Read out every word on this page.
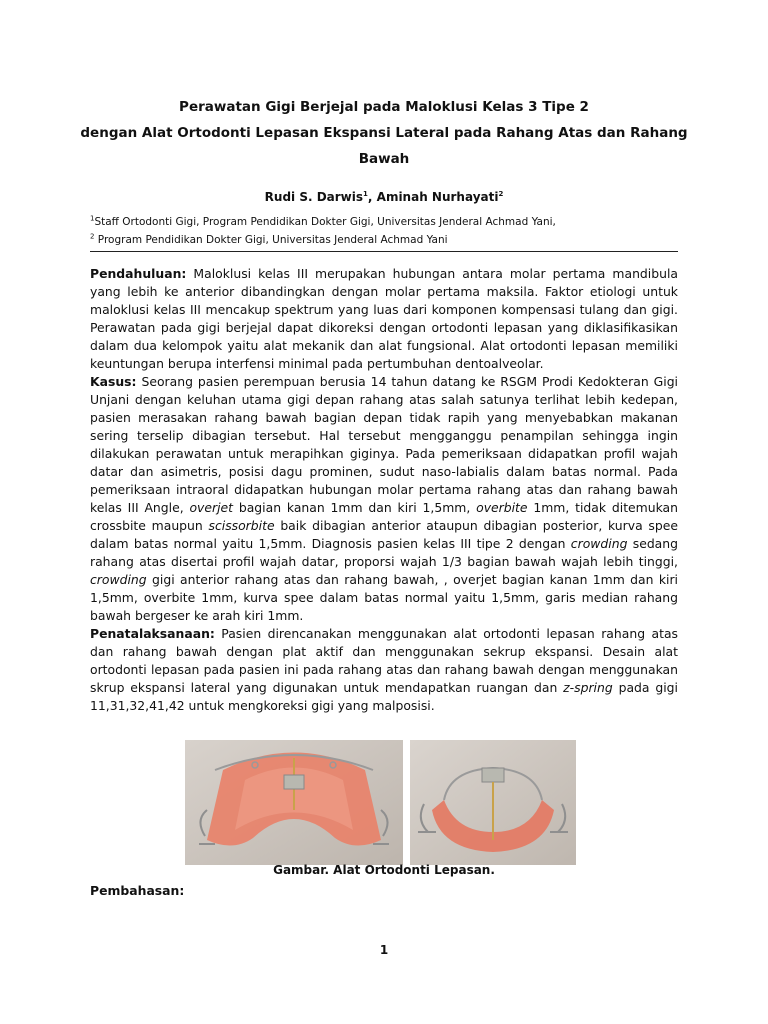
Perawatan Gigi Berjejal pada Maloklusi Kelas 3 Tipe 2
dengan Alat Ortodonti Lepasan Ekspansi Lateral pada Rahang Atas dan Rahang
Bawah
Rudi S. Darwis$^1$, Aminah Nurhayati$^2$
$^1$Staff Ortodonti Gigi, Program Pendidikan Dokter Gigi, Universitas Jenderal Achmad Yani,
$^2$ Program Pendidikan Dokter Gigi, Universitas Jenderal Achmad Yani

Pendahuluan: Maloklusi kelas III merupakan hubungan antara molar pertama mandibula yang lebih ke anterior dibandingkan dengan molar pertama maksila. Faktor etiologi untuk maloklusi kelas III mencakup spektrum yang luas dari komponen kompensasi tulang dan gigi. Perawatan pada gigi berjejal dapat dikoreksi dengan ortodonti lepasan yang diklasifikasikan dalam dua kelompok yaitu alat mekanik dan alat fungsional. Alat ortodonti lepasan memiliki keuntungan berupa interfensi minimal pada pertumbuhan dentoalveolar.

Kasus: Seorang pasien perempuan berusia 14 tahun datang ke RSGM Prodi Kedokteran Gigi Unjani dengan keluhan utama gigi depan rahang atas salah satunya terlihat lebih kedepan, pasien merasakan rahang bawah bagian depan tidak rapih yang menyebabkan makanan sering terselip dibagian tersebut. Hal tersebut mengganggu penampilan sehingga ingin dilakukan perawatan untuk merapihkan giginya. Pada pemeriksaan didapatkan profil wajah datar dan asimetris, posisi dagu prominen, sudut naso-labialis dalam batas normal. Pada pemeriksaan intraoral didapatkan hubungan molar pertama rahang atas dan rahang bawah kelas III Angle, overjet bagian kanan 1mm dan kiri 1,5mm, overbite 1mm, tidak ditemukan crossbite maupun scissorbite baik dibagian anterior ataupun dibagian posterior, kurva spee dalam batas normal yaitu 1,5mm. Diagnosis pasien kelas III tipe 2 dengan crowding sedang rahang atas disertai profil wajah datar, proporsi wajah 1/3 bagian bawah wajah lebih tinggi, crowding gigi anterior rahang atas dan rahang bawah, , overjet bagian kanan 1mm dan kiri 1,5mm, overbite 1mm, kurva spee dalam batas normal yaitu 1,5mm, garis median rahang bawah bergeser ke arah kiri 1mm.

Penatalaksanaan: Pasien direncanakan menggunakan alat ortodonti lepasan rahang atas dan rahang bawah dengan plat aktif dan menggunakan sekrup ekspansi. Desain alat ortodonti lepasan pada pasien ini pada rahang atas dan rahang bawah dengan menggunakan skrup ekspansi lateral yang digunakan untuk mendapatkan ruangan dan z-spring pada gigi 11,31,32,41,42 untuk mengkoreksi gigi yang malposisi.

Gambar. Alat Ortodonti Lepasan.
Pembahasan:
1
